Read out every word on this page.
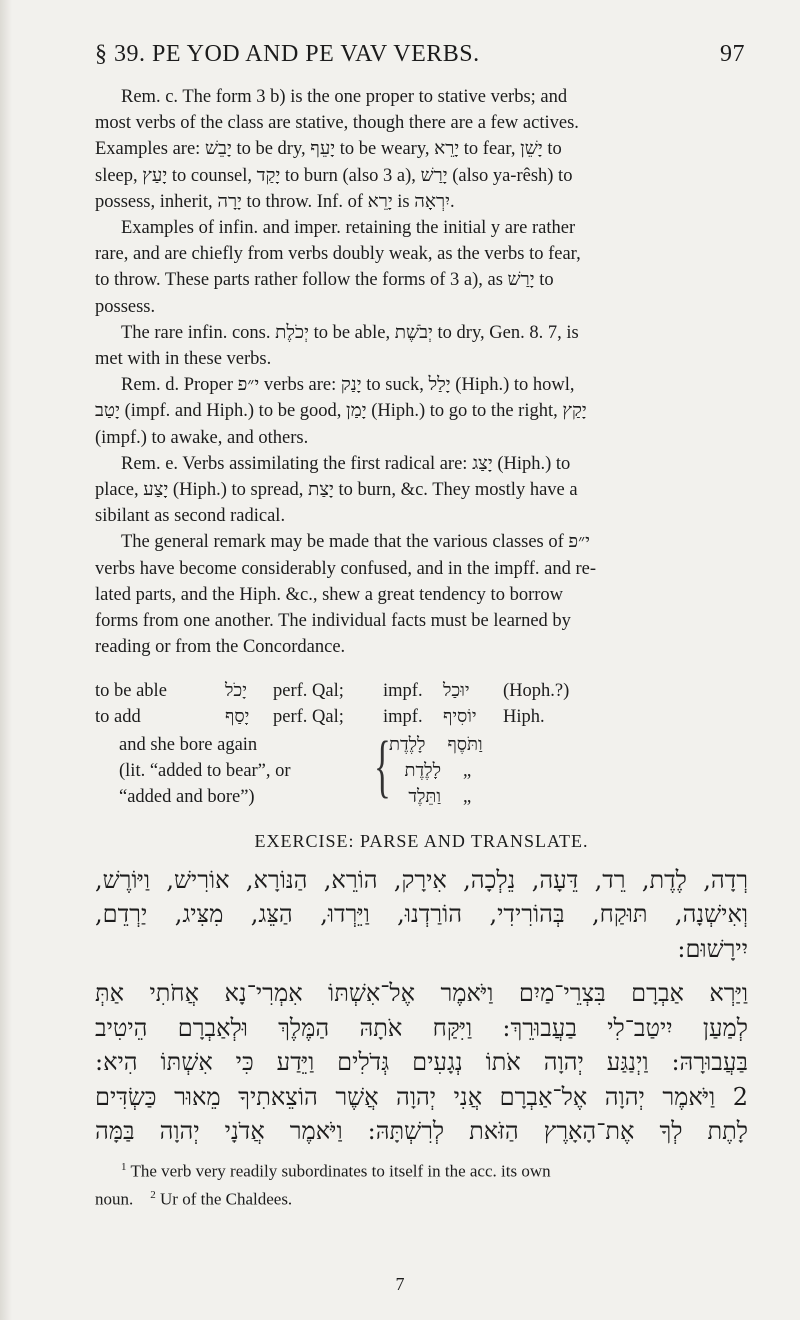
§ 39. PE YOD AND PE VAV VERBS.	97

Rem. c. The form 3 b) is the one proper to stative verbs; and

most verbs of the class are stative, though there are a few actives.

Examples are: יָבֵשׁ to be dry, יָעֵף to be weary, יָרֵא to fear, יָשֵׁן to

sleep, יָעַץ to counsel, יָקַד to burn (also 3 a), יָרַשׁ (also ya-rêsh) to

possess, inherit, יָרָה to throw. Inf. of יָרֵא is יִרְאָה.

Examples of infin. and imper. retaining the initial y are rather

rare, and are chiefly from verbs doubly weak, as the verbs to fear,

to throw. These parts rather follow the forms of 3 a), as יָרַשׁ to

possess.

The rare infin. cons. יְכֹלֶת to be able, יְבֹשֶׁת to dry, Gen. 8. 7, is

met with in these verbs.

Rem. d. Proper י״פ verbs are: יָנַק to suck, יָלַל (Hiph.) to howl,

יָטַב (impf. and Hiph.) to be good, יָמַן (Hiph.) to go to the right, יָקַץ

(impf.) to awake, and others.

Rem. e. Verbs assimilating the first radical are: יָצַג (Hiph.) to

place, יָצַע (Hiph.) to spread, יָצַת to burn, &c. They mostly have a

sibilant as second radical.

The general remark may be made that the various classes of י״פ

verbs have become considerably confused, and in the impff. and re-

lated parts, and the Hiph. &c., shew a great tendency to borrow

forms from one another. The individual facts must be learned by

reading or from the Concordance.

to be able	יָכֹל	perf. Qal;	impf.	יוּכַל	(Hoph.?)
to add	יָסַף	perf. Qal;	impf.	יוֹסִיף	Hiph.
and she bore again
(lit. “added to bear”, or
“added and bore”)	{
לָלֶדֶת וַתֹּסֶף
לָלֶדֶת „
וַתֵּלֶד „
EXERCISE: PARSE AND TRANSLATE.
רְדָה, לֶדֶת, רֵד, דֵּעָה, נֵלְכָה, אִירָק, הוֹרֵא, הַנּוֹרָא, אוֹרִישׁ, וַיּוֹרֶשׁ,
וְאִישְׁנָה, תּוּקַח, בְּהוֹרִידִי, הוֹרַדְנוּ, וַיֵּרְדוּ, הַצֵּג, מִצִּיג, יַרְדֵם,
יִירָשׁוּם:
וַיַּרְא אַבְרָם בִּצְרֵי־מַיִם וַיֹּאמֶר אֶל־אִשְׁתּוֹ אִמְרִי־נָא אֲחֹתִי אַתְּ
לְמַעַן יִיטַב־לִי בַעֲבוּרֵךְ: וַיִּקַּח אֹתָהּ הַמֶּלֶךְ וּלְאַבְרָם הֵיטִיב
בַּעֲבוּרָהּ: וַיְנַגַּע יְהוָה אֹתוֹ נְגָעִים גְּדֹלִים וַיֵּדַע כִּי אִשְׁתּוֹ הִיא:
2 וַיֹּאמֶר יְהוָה אֶל־אַבְרָם אֲנִי יְהוָה אֲשֶׁר הוֹצֵאתִיךָ מֵאוּר כַּשְׂדִּים
לָתֶת לְךָ אֶת־הָאָרֶץ הַזֹּאת לְרִשְׁתָּהּ: וַיֹּאמֶר אֲדֹנָי יְהוָה בַּמָּה
$^1$ The verb very readily subordinates to itself in the acc. its own
noun. $^2$ Ur of the Chaldees.
7
